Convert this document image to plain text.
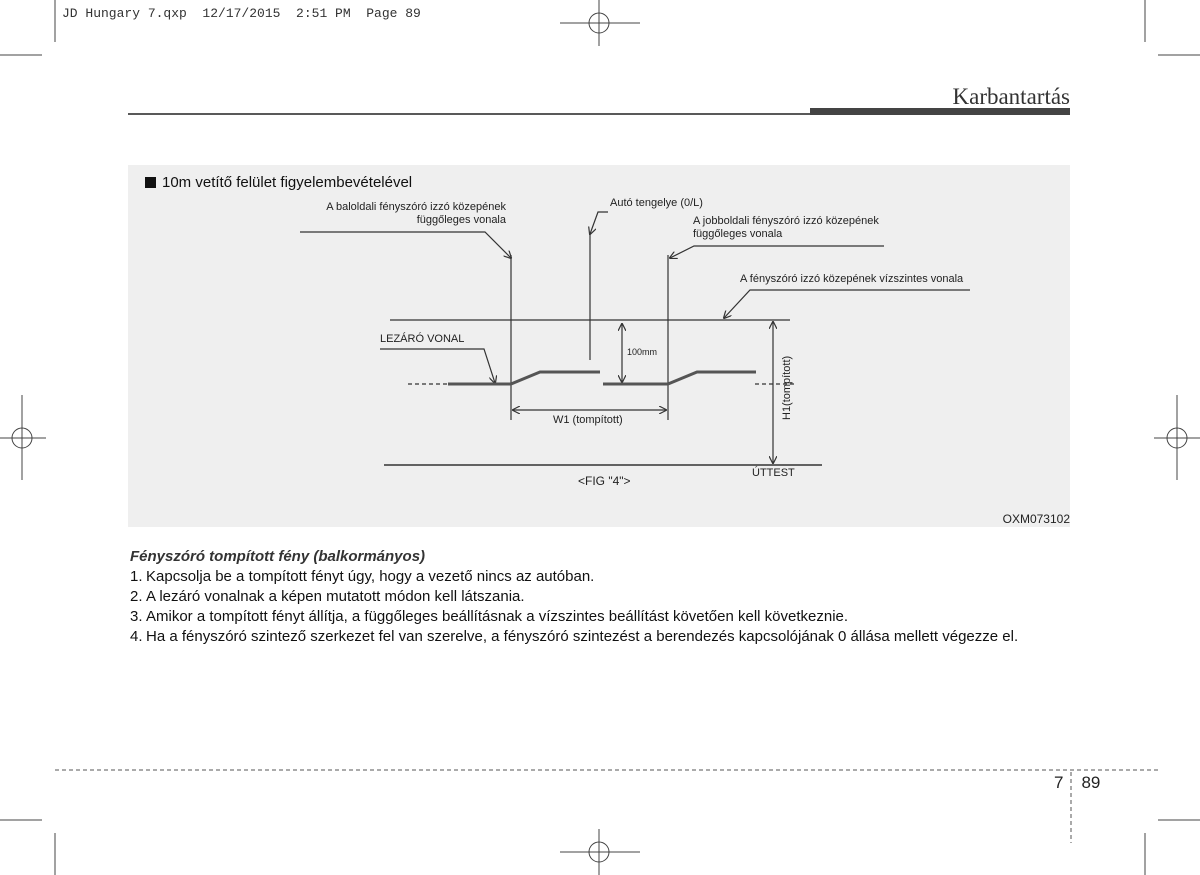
JD Hungary 7.qxp  12/17/2015  2:51 PM  Page 89
Karbantartás
10m vetítő felület figyelembevételével
A baloldali fényszóró izzó közepének
függőleges vonala
Autó tengelye (0/L)
A jobboldali fényszóró izzó közepének
függőleges vonala
A fényszóró izzó közepének vízszintes vonala
LEZÁRÓ VONAL
100mm
W1 (tompított)	H1(tompított)
ÚTTEST
<FIG "4">
OXM073102
Fényszóró tompított fény (balkormányos)
1. Kapcsolja be a tompított fényt úgy, hogy a vezető nincs az autóban.
2. A lezáró vonalnak a képen mutatott módon kell látszania.
3. Amikor a tompított fényt állítja, a függőleges beállításnak a vízszintes beállítást követően kell következnie.
4. Ha a fényszóró szintező szerkezet fel van szerelve, a fényszóró szintezést a berendezés kapcsolójának 0 állása mellett végezze el.
7 89
